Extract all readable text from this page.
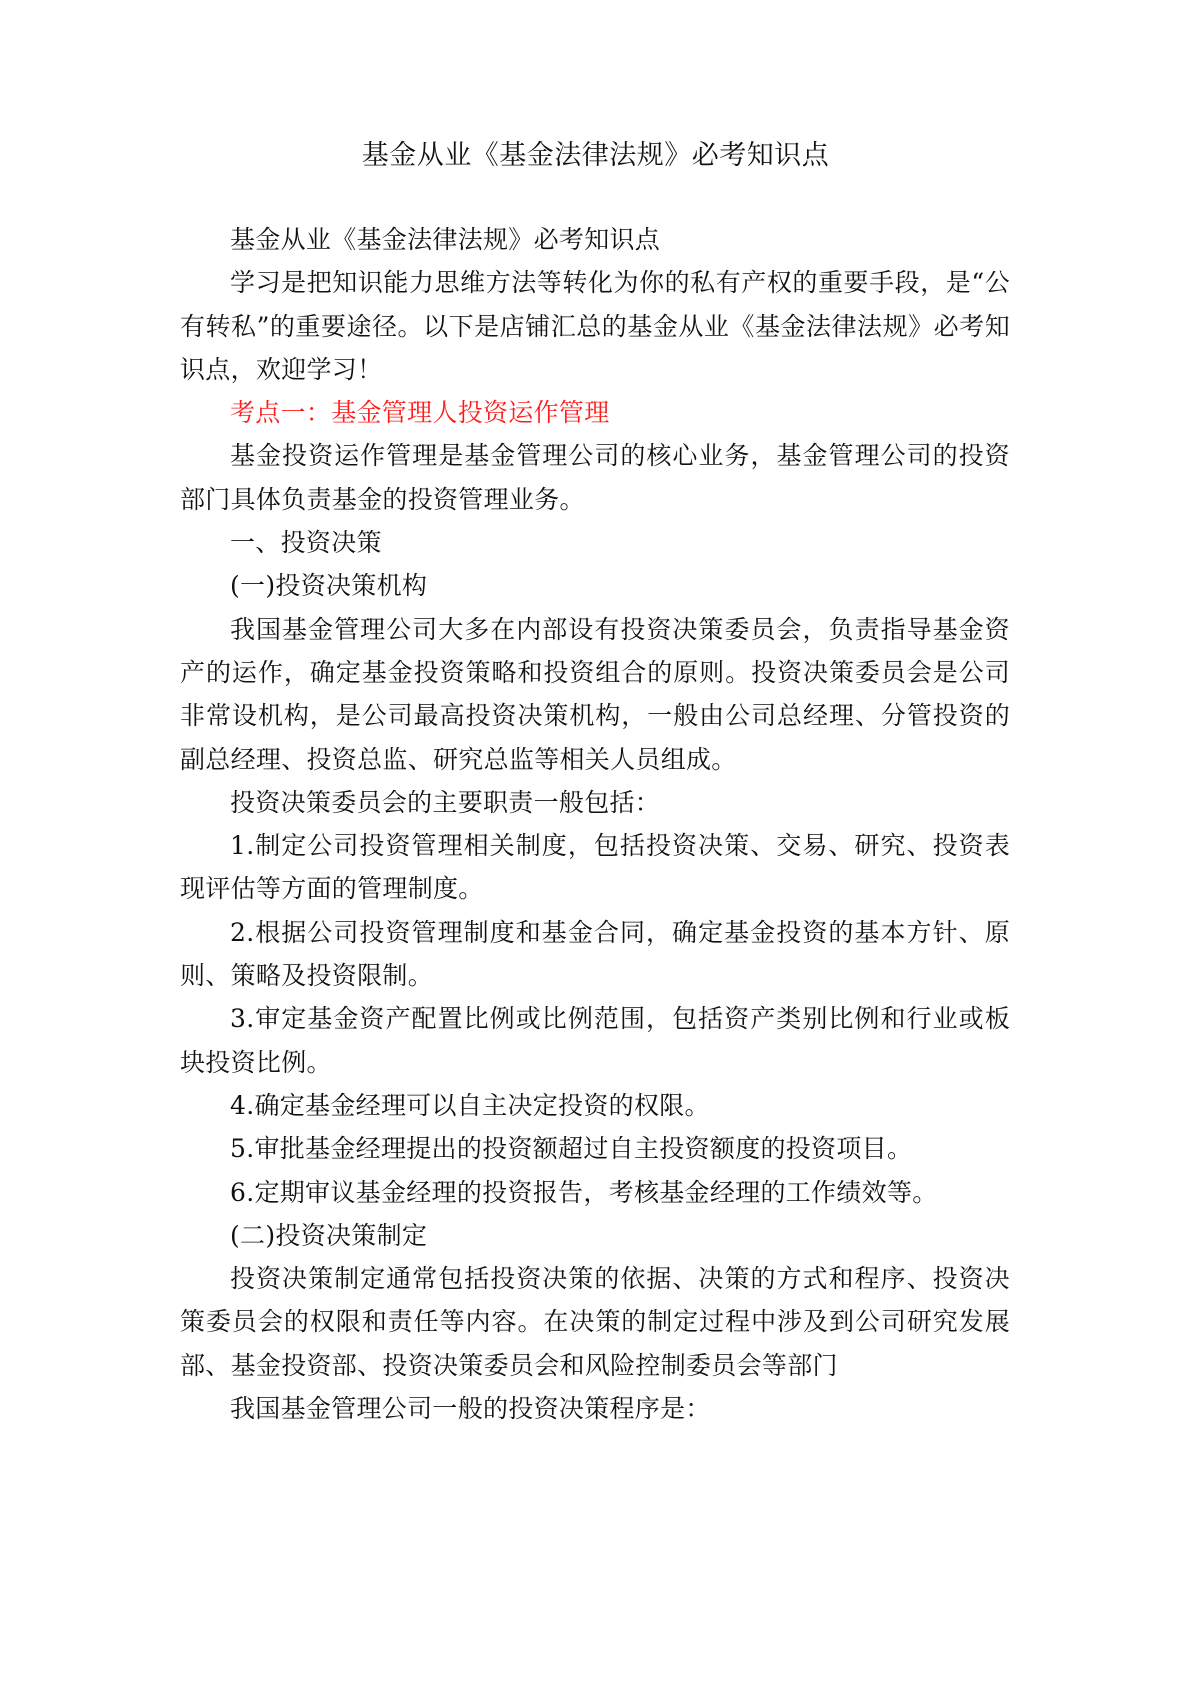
基金从业《基金法律法规》必考知识点

基金从业《基金法律法规》必考知识点

学习是把知识能力思维方法等转化为你的私有产权的重要手段，是“公有转私”的重要途径。以下是店铺汇总的基金从业《基金法律法规》必考知识点，欢迎学习！

考点一：基金管理人投资运作管理

基金投资运作管理是基金管理公司的核心业务，基金管理公司的投资部门具体负责基金的投资管理业务。

一、投资决策

(一)投资决策机构

我国基金管理公司大多在内部设有投资决策委员会，负责指导基金资产的运作，确定基金投资策略和投资组合的原则。投资决策委员会是公司非常设机构，是公司最高投资决策机构，一般由公司总经理、分管投资的副总经理、投资总监、研究总监等相关人员组成。

投资决策委员会的主要职责一般包括：

1.制定公司投资管理相关制度，包括投资决策、交易、研究、投资表现评估等方面的管理制度。

2.根据公司投资管理制度和基金合同，确定基金投资的基本方针、原则、策略及投资限制。

3.审定基金资产配置比例或比例范围，包括资产类别比例和行业或板块投资比例。

4.确定基金经理可以自主决定投资的权限。

5.审批基金经理提出的投资额超过自主投资额度的投资项目。

6.定期审议基金经理的投资报告，考核基金经理的工作绩效等。

(二)投资决策制定

投资决策制定通常包括投资决策的依据、决策的方式和程序、投资决策委员会的权限和责任等内容。在决策的制定过程中涉及到公司研究发展部、基金投资部、投资决策委员会和风险控制委员会等部门

我国基金管理公司一般的投资决策程序是：
